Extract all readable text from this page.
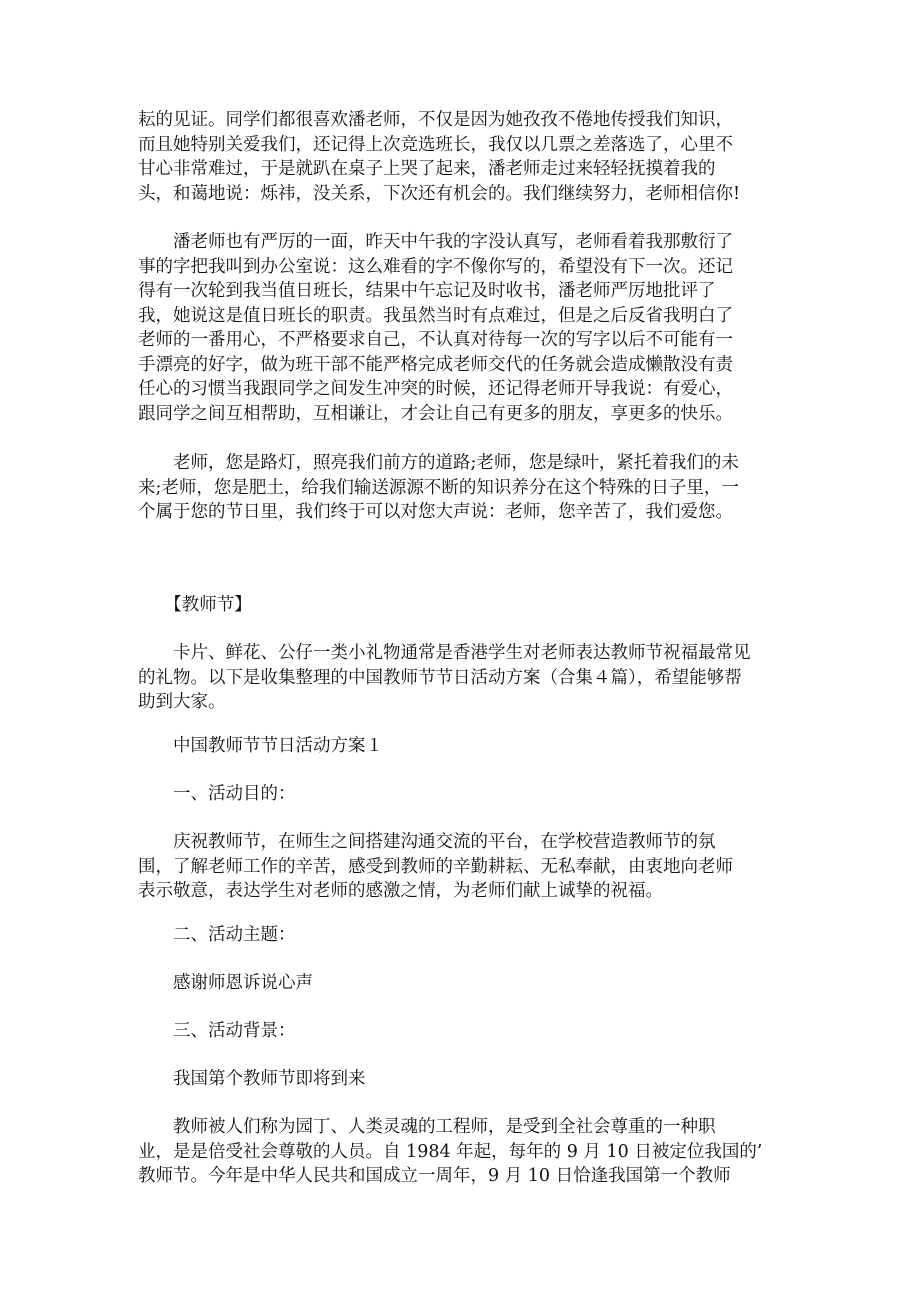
耘的见证。同学们都很喜欢潘老师，不仅是因为她孜孜不倦地传授我们知识，
而且她特别关爱我们，还记得上次竞选班长，我仅以几票之差落选了，心里不
甘心非常难过，于是就趴在桌子上哭了起来，潘老师走过来轻轻抚摸着我的
头，和蔼地说：烁祎，没关系，下次还有机会的。我们继续努力，老师相信你!
　　潘老师也有严厉的一面，昨天中午我的字没认真写，老师看着我那敷衍了
事的字把我叫到办公室说：这么难看的字不像你写的，希望没有下一次。还记
得有一次轮到我当值日班长，结果中午忘记及时收书，潘老师严厉地批评了
我，她说这是值日班长的职责。我虽然当时有点难过，但是之后反省我明白了
老师的一番用心，不严格要求自己，不认真对待每一次的写字以后不可能有一
手漂亮的好字，做为班干部不能严格完成老师交代的任务就会造成懒散没有责
任心的习惯当我跟同学之间发生冲突的时候，还记得老师开导我说：有爱心，
跟同学之间互相帮助，互相谦让，才会让自己有更多的朋友，享更多的快乐。
　　老师，您是路灯，照亮我们前方的道路;老师，您是绿叶，紧托着我们的未
来;老师，您是肥土，给我们输送源源不断的知识养分在这个特殊的日子里，一
个属于您的节日里，我们终于可以对您大声说：老师，您辛苦了，我们爱您。
　　【教师节】
　　卡片、鲜花、公仔一类小礼物通常是香港学生对老师表达教师节祝福最常见
的礼物。以下是收集整理的中国教师节节日活动方案（合集４篇），希望能够帮
助到大家。
　　中国教师节节日活动方案１
　　一、活动目的：
　　庆祝教师节，在师生之间搭建沟通交流的平台，在学校营造教师节的氛
围，了解老师工作的辛苦，感受到教师的辛勤耕耘、无私奉献，由衷地向老师
表示敬意，表达学生对老师的感激之情，为老师们献上诚挚的祝福。
　　二、活动主题：
　　感谢师恩诉说心声
　　三、活动背景：
　　我国第个教师节即将到来
　　教师被人们称为园丁、人类灵魂的工程师，是受到全社会尊重的一种职
业，是是倍受社会尊敬的人员。自 1984 年起，每年的 9 月 10 日被定位我国的’
教师节。今年是中华人民共和国成立一周年，9 月 10 日恰逢我国第一个教师
